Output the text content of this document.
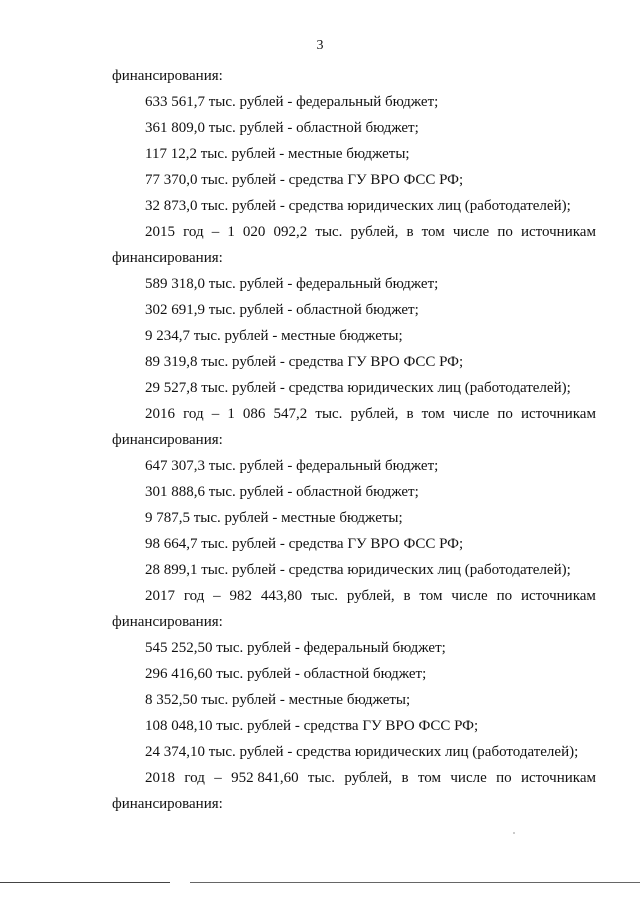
3

финансирования:

633 561,7 тыс. рублей - федеральный бюджет;

361 809,0 тыс. рублей - областной бюджет;

117 12,2 тыс. рублей - местные бюджеты;

77 370,0 тыс. рублей - средства ГУ ВРО ФСС РФ;

32 873,0 тыс. рублей - средства юридических лиц (работодателей);

2015 год – 1 020 092,2 тыс. рублей, в том числе по источникам

финансирования:

589 318,0 тыс. рублей - федеральный бюджет;

302 691,9 тыс. рублей - областной бюджет;

9 234,7 тыс. рублей - местные бюджеты;

89 319,8 тыс. рублей - средства ГУ ВРО ФСС РФ;

29 527,8 тыс. рублей - средства юридических лиц (работодателей);

2016 год – 1 086 547,2 тыс. рублей, в том числе по источникам

финансирования:

647 307,3 тыс. рублей - федеральный бюджет;

301 888,6 тыс. рублей - областной бюджет;

9 787,5 тыс. рублей - местные бюджеты;

98 664,7 тыс. рублей - средства ГУ ВРО ФСС РФ;

28 899,1 тыс. рублей - средства юридических лиц (работодателей);

2017 год – 982 443,80 тыс. рублей, в том числе по источникам

финансирования:

545 252,50 тыс. рублей - федеральный бюджет;

296 416,60 тыс. рублей - областной бюджет;

8 352,50 тыс. рублей - местные бюджеты;

108 048,10 тыс. рублей - средства ГУ ВРО ФСС РФ;

24 374,10 тыс. рублей - средства юридических лиц (работодателей);

2018 год – 952 841,60 тыс. рублей, в том числе по источникам

финансирования:
